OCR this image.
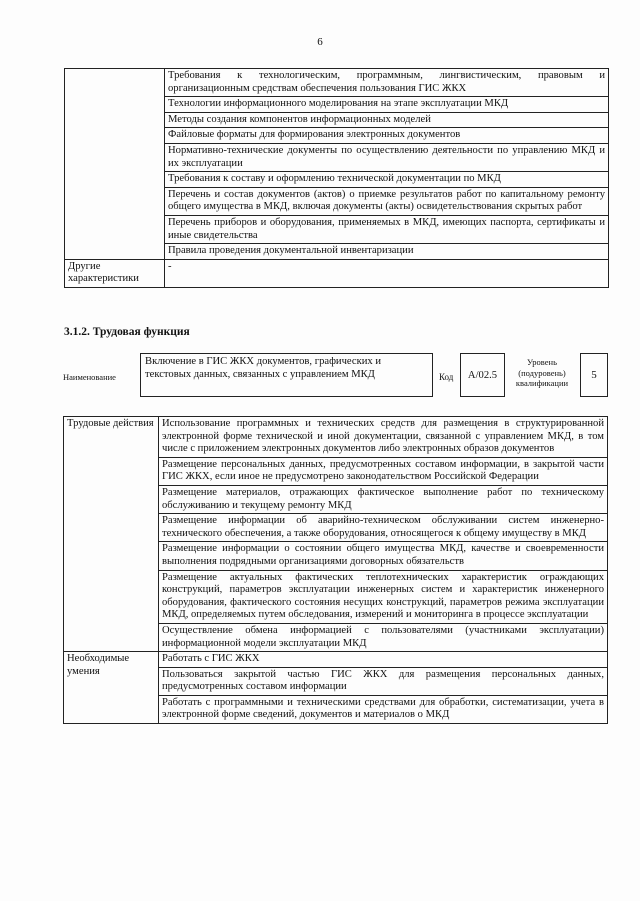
6
	Требования к технологическим, программным, лингвистическим, правовым и организационным средствам обеспечения пользования ГИС ЖКХ
	Технологии информационного моделирования на этапе эксплуатации МКД
	Методы создания компонентов информационных моделей
	Файловые форматы для формирования электронных документов
	Нормативно-технические документы по осуществлению деятельности по управлению МКД и их эксплуатации
	Требования к составу и оформлению технической документации по МКД
	Перечень и состав документов (актов) о приемке результатов работ по капитальному ремонту общего имущества в МКД, включая документы (акты) освидетельствования скрытых работ
	Перечень приборов и оборудования, применяемых в МКД, имеющих паспорта, сертификаты и иные свидетельства
	Правила проведения документальной инвентаризации
Другие характеристики	-
3.1.2. Трудовая функция
Наименование
Включение в ГИС ЖКХ документов, графических и текстовых данных, связанных с управлением МКД	Код	A/02.5
Уровень (подуровень) квалификации
5
Трудовые действия	Использование программных и технических средств для размещения в структурированной электронной форме технической и иной документации, связанной с управлением МКД, в том числе с приложением электронных документов либо электронных образов документов
	Размещение персональных данных, предусмотренных составом информации, в закрытой части ГИС ЖКХ, если иное не предусмотрено законодательством Российской Федерации
	Размещение материалов, отражающих фактическое выполнение работ по техническому обслуживанию и текущему ремонту МКД
	Размещение информации об аварийно-техническом обслуживании систем инженерно-технического обеспечения, а также оборудования, относящегося к общему имуществу в МКД
	Размещение информации о состоянии общего имущества МКД, качестве и своевременности выполнения подрядными организациями договорных обязательств
	Размещение актуальных фактических теплотехнических характеристик ограждающих конструкций, параметров эксплуатации инженерных систем и характеристик инженерного оборудования, фактического состояния несущих конструкций, параметров режима эксплуатации МКД, определяемых путем обследования, измерений и мониторинга в процессе эксплуатации
	Осуществление обмена информацией с пользователями (участниками эксплуатации) информационной модели эксплуатации МКД
Необходимые умения	Работать с ГИС ЖКХ
	Пользоваться закрытой частью ГИС ЖКХ для размещения персональных данных, предусмотренных составом информации
	Работать с программными и техническими средствами для обработки, систематизации, учета в электронной форме сведений, документов и материалов о МКД
